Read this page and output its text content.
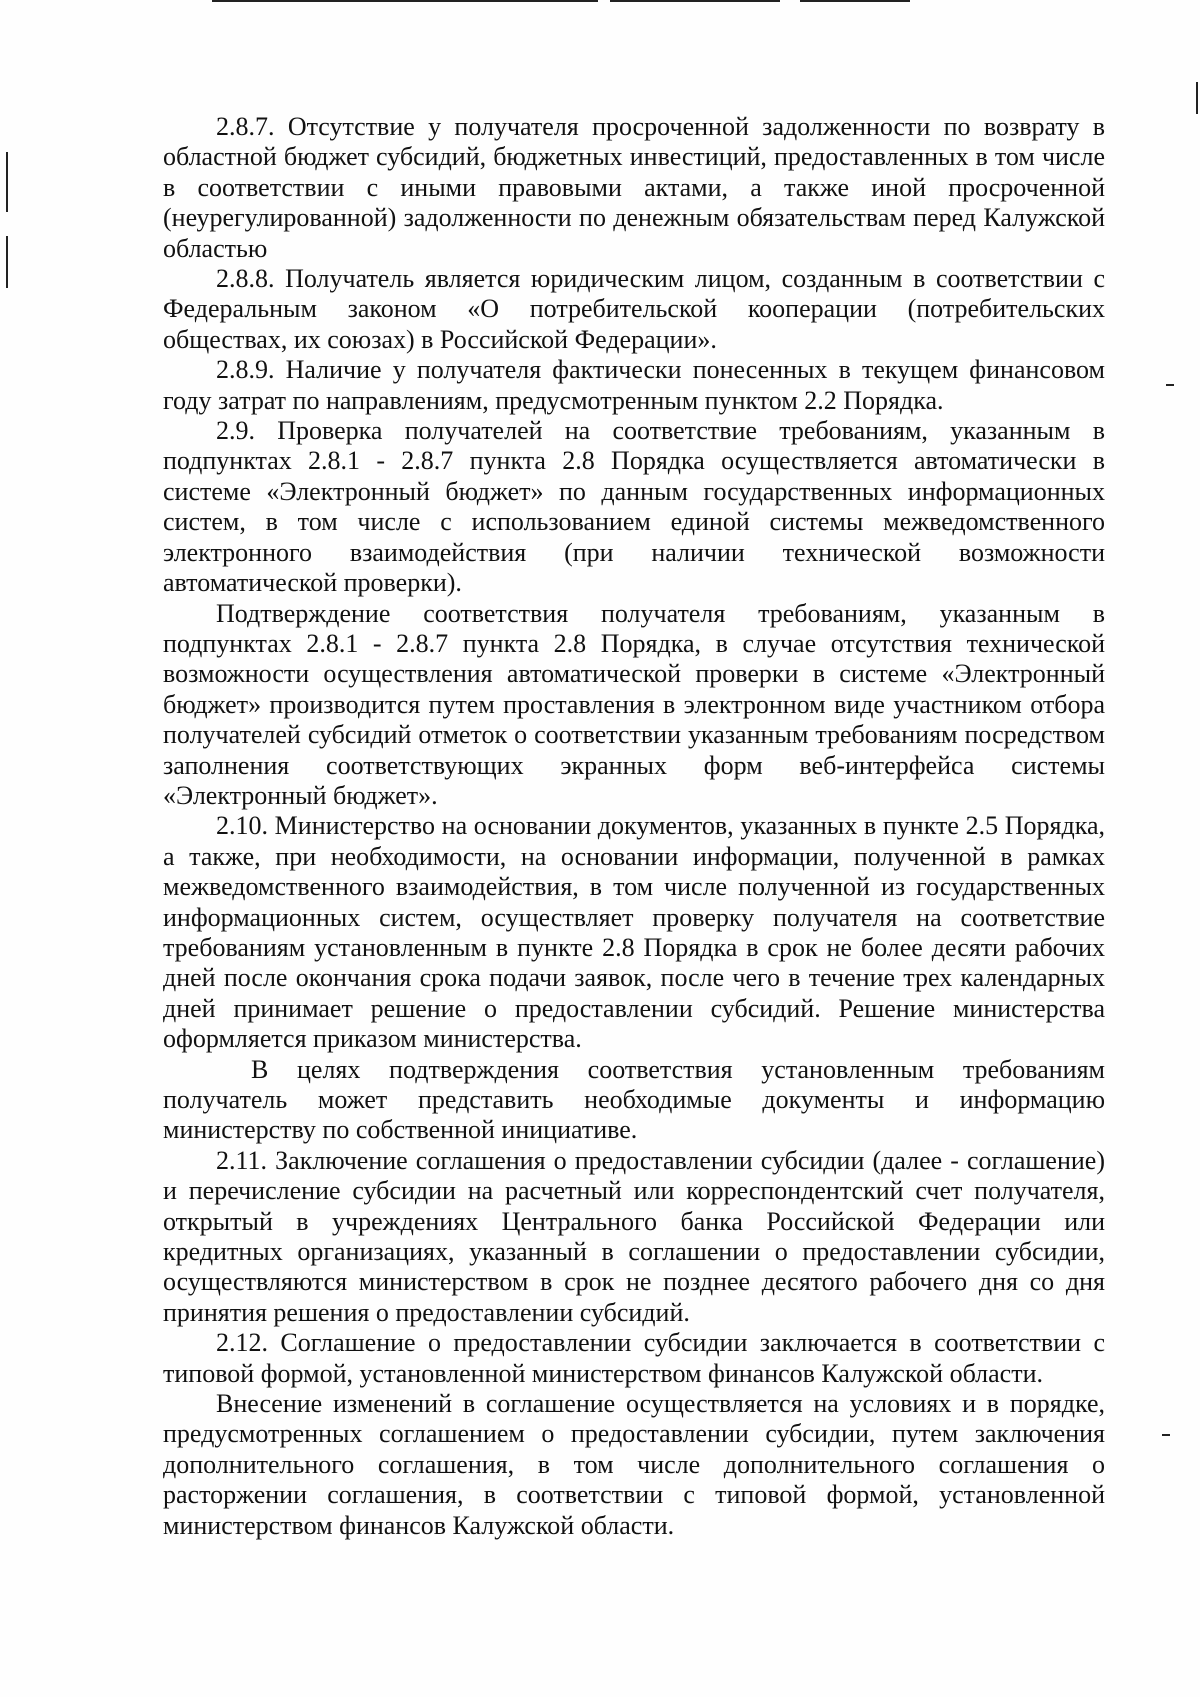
2.8.7. Отсутствие у получателя просроченной задолженности по возврату в областной бюджет субсидий, бюджетных инвестиций, предоставленных в том числе в соответствии с иными правовыми актами, а также иной просроченной (неурегулированной) задолженности по денежным обязательствам перед Калужской областью

2.8.8. Получатель является юридическим лицом, созданным в соответствии с Федеральным законом «О потребительской кооперации (потребительских обществах, их союзах) в Российской Федерации».

2.8.9. Наличие у получателя фактически понесенных в текущем финансовом году затрат по направлениям, предусмотренным пунктом 2.2 Порядка.

2.9. Проверка получателей на соответствие требованиям, указанным в подпунктах 2.8.1 - 2.8.7 пункта 2.8 Порядка осуществляется автоматически в системе «Электронный бюджет» по данным государственных информационных систем, в том числе с использованием единой системы межведомственного электронного взаимодействия (при наличии технической возможности автоматической проверки).

Подтверждение соответствия получателя требованиям, указанным в подпунктах 2.8.1 - 2.8.7 пункта 2.8 Порядка, в случае отсутствия технической возможности осуществления автоматической проверки в системе «Электронный бюджет» производится путем проставления в электронном виде участником отбора получателей субсидий отметок о соответствии указанным требованиям посредством заполнения соответствующих экранных форм веб-интерфейса системы «Электронный бюджет».

2.10. Министерство на основании документов, указанных в пункте 2.5 Порядка, а также, при необходимости, на основании информации, полученной в рамках межведомственного взаимодействия, в том числе полученной из государственных информационных систем, осуществляет проверку получателя на соответствие требованиям установленным в пункте 2.8 Порядка в срок не более десяти рабочих дней после окончания срока подачи заявок, после чего в течение трех календарных дней принимает решение о предоставлении субсидий. Решение министерства оформляется приказом министерства.

В целях подтверждения соответствия установленным требованиям получатель может представить необходимые документы и информацию министерству по собственной инициативе.

2.11. Заключение соглашения о предоставлении субсидии (далее - соглашение) и перечисление субсидии на расчетный или корреспондентский счет получателя, открытый в учреждениях Центрального банка Российской Федерации или кредитных организациях, указанный в соглашении о предоставлении субсидии, осуществляются министерством в срок не позднее десятого рабочего дня со дня принятия решения о предоставлении субсидий.

2.12. Соглашение о предоставлении субсидии заключается в соответствии с типовой формой, установленной министерством финансов Калужской области.

Внесение изменений в соглашение осуществляется на условиях и в порядке, предусмотренных соглашением о предоставлении субсидии, путем заключения дополнительного соглашения, в том числе дополнительного соглашения о расторжении соглашения, в соответствии с типовой формой, установленной министерством финансов Калужской области.
